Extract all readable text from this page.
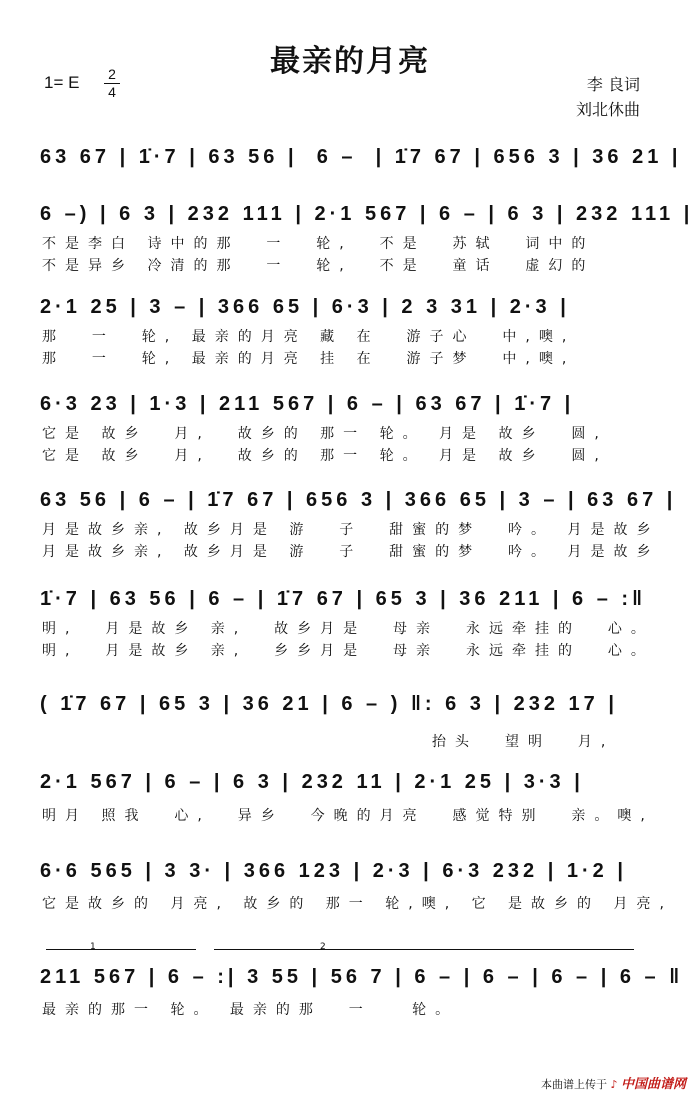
最亲的月亮
1= E 2
4	李 良词
刘北休曲
63 67 | 1̇·7 | 63 56 |  6 –  | 1̇7 67 | 656 3 | 36 21 |
6 –) | 6 3 | 232 111 | 2·1 567 | 6 – | 6 3 | 232 111 |
不是李白 诗中的那  一  轮,  不是  苏轼  词中的
不是异乡 冷清的那  一  轮,  不是  童话  虚幻的
2·1 25 | 3 – | 366 65 | 6·3 | 2 3 31 | 2·3 |
那  一  轮, 最亲的月亮 藏 在  游子心  中,噢,
那  一  轮, 最亲的月亮 挂 在  游子梦  中,噢,
6·3 23 | 1·3 | 211 567 | 6 – | 63 67 | 1̇·7 |
它是 故乡  月,  故乡的 那一 轮。 月是 故乡  圆,
它是 故乡  月,  故乡的 那一 轮。 月是 故乡  圆,
63 56 | 6 – | 1̇7 67 | 656 3 | 366 65 | 3 – | 63 67 |
月是故乡亲, 故乡月是 游  子  甜蜜的梦  吟。 月是故乡
月是故乡亲, 故乡月是 游  子  甜蜜的梦  吟。 月是故乡
1̇·7 | 63 56 | 6 – | 1̇7 67 | 65 3 | 36 211 | 6 – :‖
明,  月是故乡 亲,  故乡月是  母亲  永远牵挂的  心。
明,  月是故乡 亲,  乡乡月是  母亲  永远牵挂的  心。
( 1̇7 67 | 65 3 | 36 21 | 6 – ) ‖: 6 3 | 232 17 |
抬头  望明  月,
2·1 567 | 6 – | 6 3 | 232 11 | 2·1 25 | 3·3 |
明月 照我  心,  异乡  今晚的月亮  感觉特别  亲。噢,
6·6 565 | 3 3· | 366 123 | 2·3 | 6·3 232 | 1·2 |
它是故乡的 月亮, 故乡的 那一 轮,噢, 它 是故乡的 月亮,
1	2
211 567 | 6 – :| 3 55 | 56 7 | 6 – | 6 – | 6 – | 6 – ‖
最亲的那一 轮。 最亲的那  一   轮。
本曲谱上传于 ♪ 中国曲谱网
